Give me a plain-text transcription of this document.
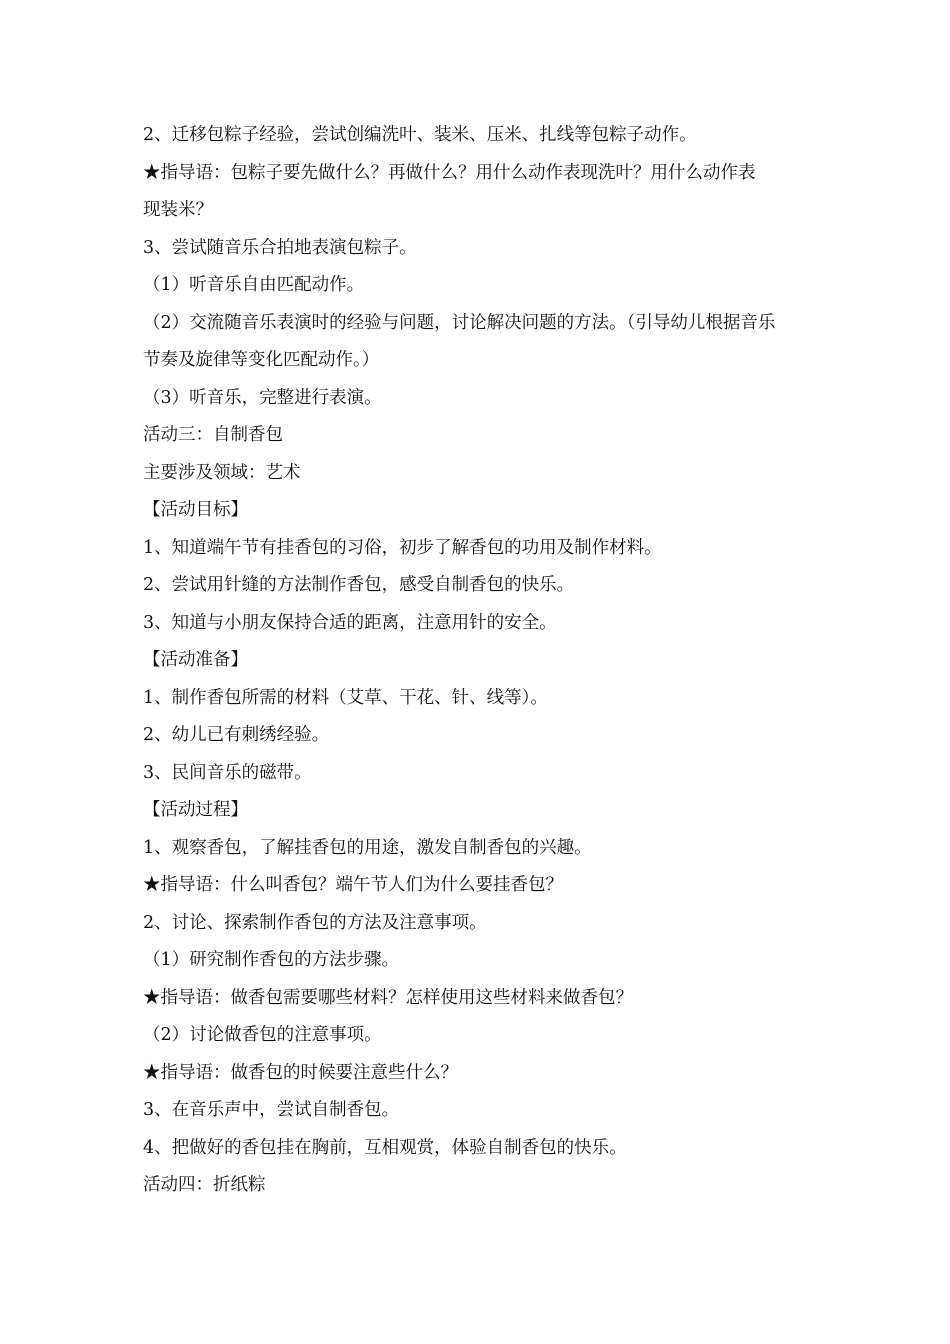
2、迁移包粽子经验，尝试创编洗叶、装米、压米、扎线等包粽子动作。

★指导语：包粽子要先做什么？再做什么？用什么动作表现洗叶？用什么动作表

现装米？

3、尝试随音乐合拍地表演包粽子。

（1）听音乐自由匹配动作。

（2）交流随音乐表演时的经验与问题，讨论解决问题的方法。（引导幼儿根据音乐

节奏及旋律等变化匹配动作。）

（3）听音乐，完整进行表演。

活动三：自制香包

主要涉及领域：艺术

【活动目标】

1、知道端午节有挂香包的习俗，初步了解香包的功用及制作材料。

2、尝试用针缝的方法制作香包，感受自制香包的快乐。

3、知道与小朋友保持合适的距离，注意用针的安全。

【活动准备】

1、制作香包所需的材料（艾草、干花、针、线等）。

2、幼儿已有刺绣经验。

3、民间音乐的磁带。

【活动过程】

1、观察香包，了解挂香包的用途，激发自制香包的兴趣。

★指导语：什么叫香包？端午节人们为什么要挂香包？

2、讨论、探索制作香包的方法及注意事项。

（1）研究制作香包的方法步骤。

★指导语：做香包需要哪些材料？怎样使用这些材料来做香包？

（2）讨论做香包的注意事项。

★指导语：做香包的时候要注意些什么？

3、在音乐声中，尝试自制香包。

4、把做好的香包挂在胸前，互相观赏，体验自制香包的快乐。

活动四：折纸粽
